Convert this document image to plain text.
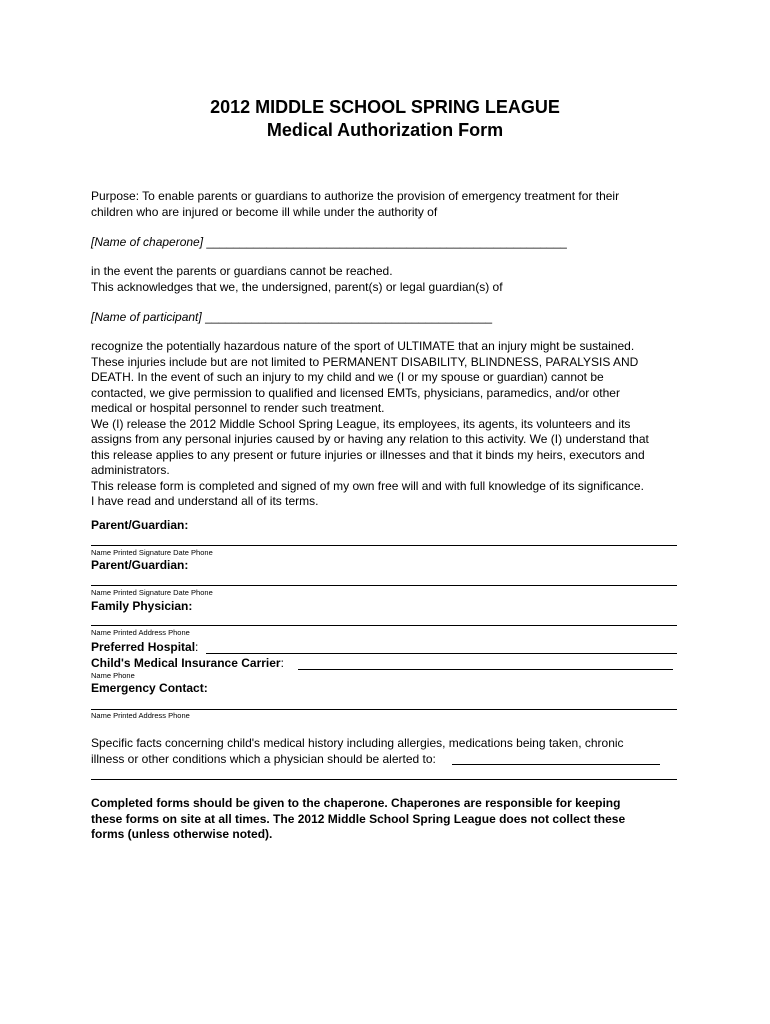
2012 MIDDLE SCHOOL SPRING LEAGUE
Medical Authorization Form
Purpose: To enable parents or guardians to authorize the provision of emergency treatment for their
children who are injured or become ill while under the authority of
[Name of chaperone] ______________________________________________________
in the event the parents or guardians cannot be reached.
This acknowledges that we, the undersigned, parent(s) or legal guardian(s) of
[Name of participant] ___________________________________________
recognize the potentially hazardous nature of the sport of ULTIMATE that an injury might be sustained.
These injuries include but are not limited to PERMANENT DISABILITY, BLINDNESS, PARALYSIS AND
DEATH. In the event of such an injury to my child and we (I or my spouse or guardian) cannot be
contacted, we give permission to qualified and licensed EMTs, physicians, paramedics, and/or other
medical or hospital personnel to render such treatment.
We (I) release the 2012 Middle School Spring League, its employees, its agents, its volunteers and its
assigns from any personal injuries caused by or having any relation to this activity. We (I) understand that
this release applies to any present or future injuries or illnesses and that it binds my heirs, executors and
administrators.
This release form is completed and signed of my own free will and with full knowledge of its significance.
I have read and understand all of its terms.
Parent/Guardian:
Name Printed Signature Date Phone
Parent/Guardian:
Name Printed Signature Date Phone
Family Physician:
Name Printed Address Phone
Preferred Hospital:
Child's Medical Insurance Carrier:
Name Phone
Emergency Contact:
Name Printed Address Phone
Specific facts concerning child's medical history including allergies, medications being taken, chronic
illness or other conditions which a physician should be alerted to:
Completed forms should be given to the chaperone. Chaperones are responsible for keeping
these forms on site at all times. The 2012 Middle School Spring League does not collect these
forms (unless otherwise noted).
